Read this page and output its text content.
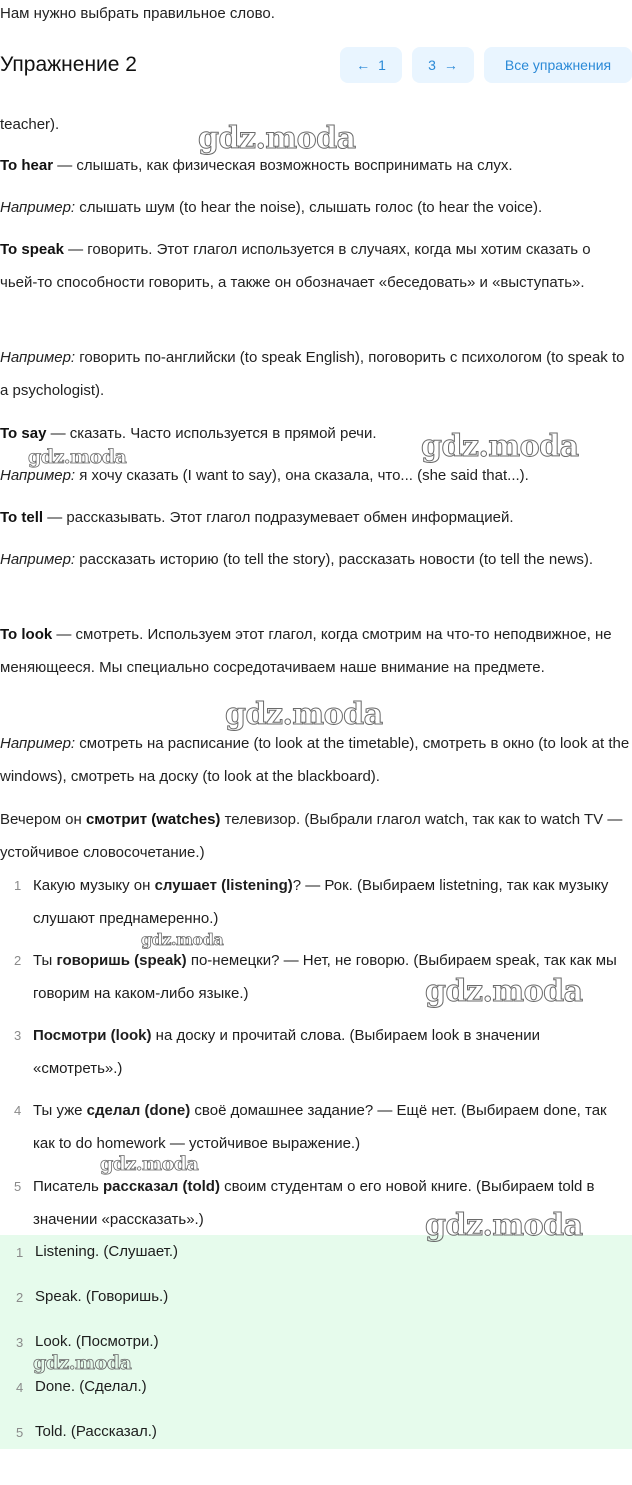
Нам нужно выбрать правильное слово.
Упражнение 2	← 1	3 →	Все упражнения
teacher).
To hear — слышать, как физическая возможность воспринимать на слух.
Например: слышать шум (to hear the noise), слышать голос (to hear the voice).
To speak — говорить. Этот глагол используется в случаях, когда мы хотим сказать о чьей-то способности говорить, а также он обозначает «беседовать» и «выступать».
Например: говорить по-английски (to speak English), поговорить с психологом (to speak to a psychologist).
To say — сказать. Часто используется в прямой речи.
Например: я хочу сказать (I want to say), она сказала, что... (she said that...).
To tell — рассказывать. Этот глагол подразумевает обмен информацией.
Например: рассказать историю (to tell the story), рассказать новости (to tell the news).
To look — смотреть. Используем этот глагол, когда смотрим на что-то неподвижное, не меняющееся. Мы специально сосредотачиваем наше внимание на предмете.
Например: смотреть на расписание (to look at the timetable), смотреть в окно (to look at the windows), смотреть на доску (to look at the blackboard).
Вечером он смотрит (watches) телевизор. (Выбрали глагол watch, так как to watch TV — устойчивое словосочетание.)
1 Какую музыку он слушает (listening)? — Рок. (Выбираем listetning, так как музыку слушают преднамеренно.)
2 Ты говоришь (speak) по-немецки? — Нет, не говорю. (Выбираем speak, так как мы говорим на каком-либо языке.)
3 Посмотри (look) на доску и прочитай слова. (Выбираем look в значении «смотреть».)
4 Ты уже сделал (done) своё домашнее задание? — Ещё нет. (Выбираем done, так как to do homework — устойчивое выражение.)
5 Писатель рассказал (told) своим студентам о его новой книге. (Выбираем told в значении «рассказать».)
1 Listening. (Слушает.)
2 Speak. (Говоришь.)
3 Look. (Посмотри.)
4 Done. (Сделал.)
5 Told. (Рассказал.)
gdz.moda
gdz.moda
gdz.moda
gdz.moda
gdz.moda
gdz.moda
gdz.moda
gdz.moda
gdz.moda
